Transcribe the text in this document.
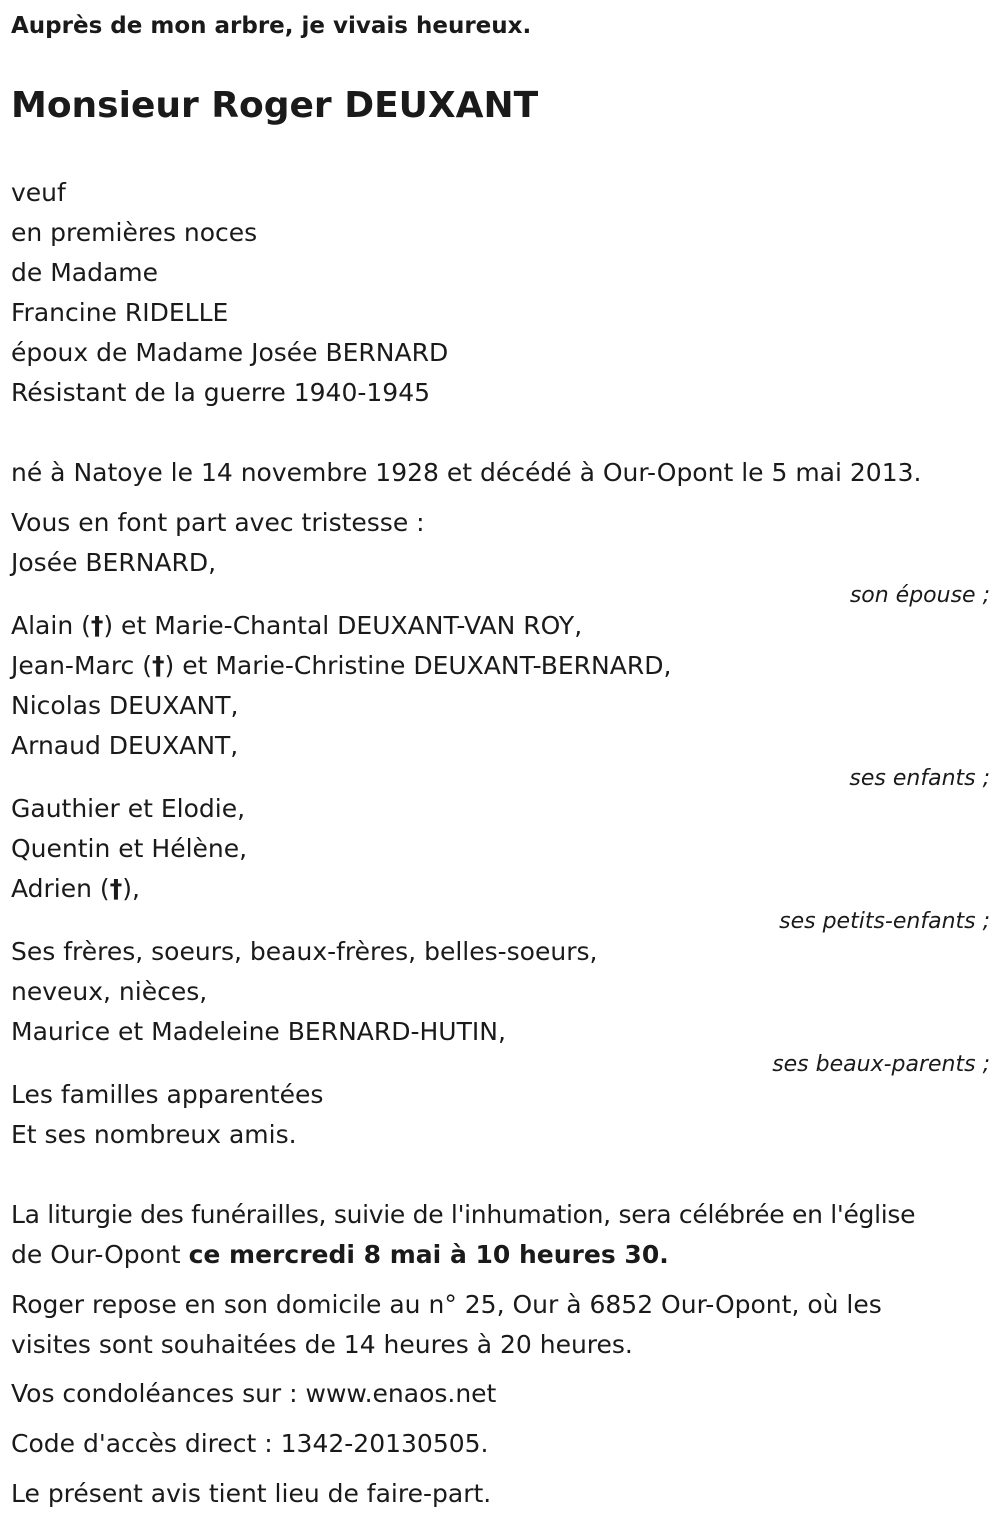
Auprès de mon arbre, je vivais heureux.
Monsieur Roger DEUXANT
veuf
en premières noces
de Madame
Francine RIDELLE
époux de Madame Josée BERNARD
Résistant de la guerre 1940-1945
né à Natoye le 14 novembre 1928 et décédé à Our-Opont le 5 mai 2013.
Vous en font part avec tristesse :
Josée BERNARD,
son épouse ;
Alain (†) et Marie-Chantal DEUXANT-VAN ROY,
Jean-Marc (†) et Marie-Christine DEUXANT-BERNARD,
Nicolas DEUXANT,
Arnaud DEUXANT,
ses enfants ;
Gauthier et Elodie,
Quentin et Hélène,
Adrien (†),
ses petits-enfants ;
Ses frères, soeurs, beaux-frères, belles-soeurs,
neveux, nièces,
Maurice et Madeleine BERNARD-HUTIN,
ses beaux-parents ;
Les familles apparentées
Et ses nombreux amis.
La liturgie des funérailles, suivie de l'inhumation, sera célébrée en l'église
de Our-Opont ce mercredi 8 mai à 10 heures 30.
Roger repose en son domicile au n° 25, Our à 6852 Our-Opont, où les
visites sont souhaitées de 14 heures à 20 heures.
Vos condoléances sur : www.enaos.net
Code d'accès direct : 1342-20130505.
Le présent avis tient lieu de faire-part.
